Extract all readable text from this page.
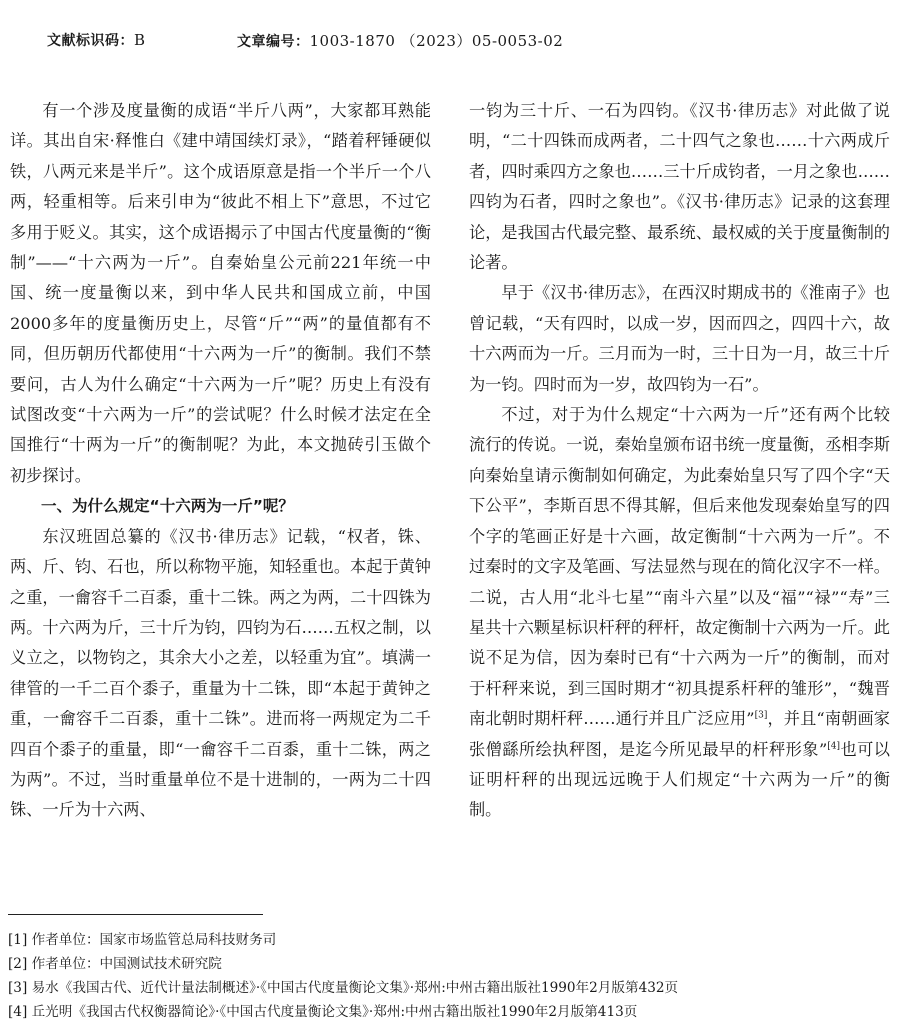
文献标识码：B	文章编号：1003-1870 （2023）05-0053-02

有一个涉及度量衡的成语“半斤八两”，大家都耳熟能详。其出自宋·释惟白《建中靖国续灯录》，“踏着秤锤硬似铁，八两元来是半斤”。这个成语原意是指一个半斤一个八两，轻重相等。后来引申为“彼此不相上下”意思，不过它多用于贬义。其实，这个成语揭示了中国古代度量衡的“衡制”——“十六两为一斤”。自秦始皇公元前221年统一中国、统一度量衡以来，到中华人民共和国成立前，中国2000多年的度量衡历史上，尽管“斤”“两”的量值都有不同，但历朝历代都使用“十六两为一斤”的衡制。我们不禁要问，古人为什么确定“十六两为一斤”呢？历史上有没有试图改变“十六两为一斤”的尝试呢？什么时候才法定在全国推行“十两为一斤”的衡制呢？为此，本文抛砖引玉做个初步探讨。

一、为什么规定“十六两为一斤”呢？

东汉班固总纂的《汉书·律历志》记载，“权者，铢、两、斤、钧、石也，所以称物平施，知轻重也。本起于黄钟之重，一龠容千二百黍，重十二铢。两之为两，二十四铢为两。十六两为斤，三十斤为钧，四钧为石……五权之制，以义立之，以物钧之，其余大小之差，以轻重为宜”。填满一律管的一千二百个黍子，重量为十二铢，即“本起于黄钟之重，一龠容千二百黍，重十二铢”。进而将一两规定为二千四百个黍子的重量，即“一龠容千二百黍，重十二铢，两之为两”。不过，当时重量单位不是十进制的，一两为二十四铢、一斤为十六两、

一钧为三十斤、一石为四钧。《汉书·律历志》对此做了说明，“二十四铢而成两者，二十四气之象也……十六两成斤者，四时乘四方之象也……三十斤成钧者，一月之象也……四钧为石者，四时之象也”。《汉书·律历志》记录的这套理论，是我国古代最完整、最系统、最权威的关于度量衡制的论著。

早于《汉书·律历志》，在西汉时期成书的《淮南子》也曾记载，“天有四时，以成一岁，因而四之，四四十六，故十六两而为一斤。三月而为一时，三十日为一月，故三十斤为一钧。四时而为一岁，故四钧为一石”。

不过，对于为什么规定“十六两为一斤”还有两个比较流行的传说。一说，秦始皇颁布诏书统一度量衡，丞相李斯向秦始皇请示衡制如何确定，为此秦始皇只写了四个字“天下公平”，李斯百思不得其解，但后来他发现秦始皇写的四个字的笔画正好是十六画，故定衡制“十六两为一斤”。不过秦时的文字及笔画、写法显然与现在的简化汉字不一样。二说，古人用“北斗七星”“南斗六星”以及“福”“禄”“寿”三星共十六颗星标识杆秤的秤杆，故定衡制十六两为一斤。此说不足为信，因为秦时已有“十六两为一斤”的衡制，而对于杆秤来说，到三国时期才“初具提系杆秤的雏形”，“魏晋南北朝时期杆秤……通行并且广泛应用”[3]，并且“南朝画家张僧繇所绘执秤图，是迄今所见最早的杆秤形象”[4]也可以证明杆秤的出现远远晚于人们规定“十六两为一斤”的衡制。

[1] 作者单位：国家市场监管总局科技财务司
[2] 作者单位：中国测试技术研究院
[3] 易水《我国古代、近代计量法制概述》·《中国古代度量衡论文集》·郑州:中州古籍出版社1990年2月版第432页
[4] 丘光明《我国古代权衡器简论》·《中国古代度量衡论文集》·郑州:中州古籍出版社1990年2月版第413页
